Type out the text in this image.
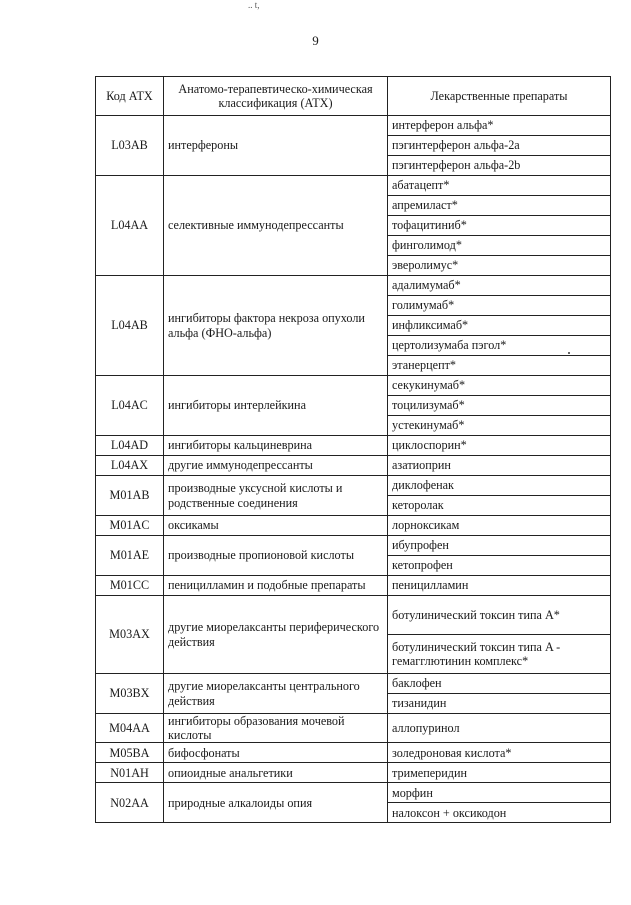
.. t,
9
Код АТХ	Анатомо-терапевтическо-химическая классификация (АТХ)	Лекарственные препараты
L03AB	интерфероны	интерферон альфа*
		пэгинтерферон альфа-2a
		пэгинтерферон альфа-2b
L04AA	селективные иммунодепрессанты	абатацепт*
		апремиласт*
		тофацитиниб*
		финголимод*
		эверолимус*
L04AB	ингибиторы фактора некроза опухоли альфа (ФНО-альфа)	адалимумаб*
		голимумаб*
		инфликсимаб*
		цертолизумаба пэгол*
		этанерцепт*
L04AC	ингибиторы интерлейкина	секукинумаб*
		тоцилизумаб*
		устекинумаб*
L04AD	ингибиторы кальциневрина	циклоспорин*
L04AX	другие иммунодепрессанты	азатиоприн
M01AB	производные уксусной кислоты и родственные соединения	диклофенак
		кеторолак
M01AC	оксикамы	лорноксикам
M01AE	производные пропионовой кислоты	ибупрофен
		кетопрофен
M01CC	пеницилламин и подобные препараты	пеницилламин
M03AX	другие миорелаксанты периферического действия	ботулинический токсин типа A*
		ботулинический токсин типа A - гемагглютинин комплекс*
M03BX	другие миорелаксанты центрального действия	баклофен
		тизанидин
M04AA	ингибиторы образования мочевой кислоты	аллопуринол
M05BA	бифосфонаты	золедроновая кислота*
N01AH	опиоидные анальгетики	тримеперидин
N02AA	природные алкалоиды опия	морфин
		налоксон + оксикодон
